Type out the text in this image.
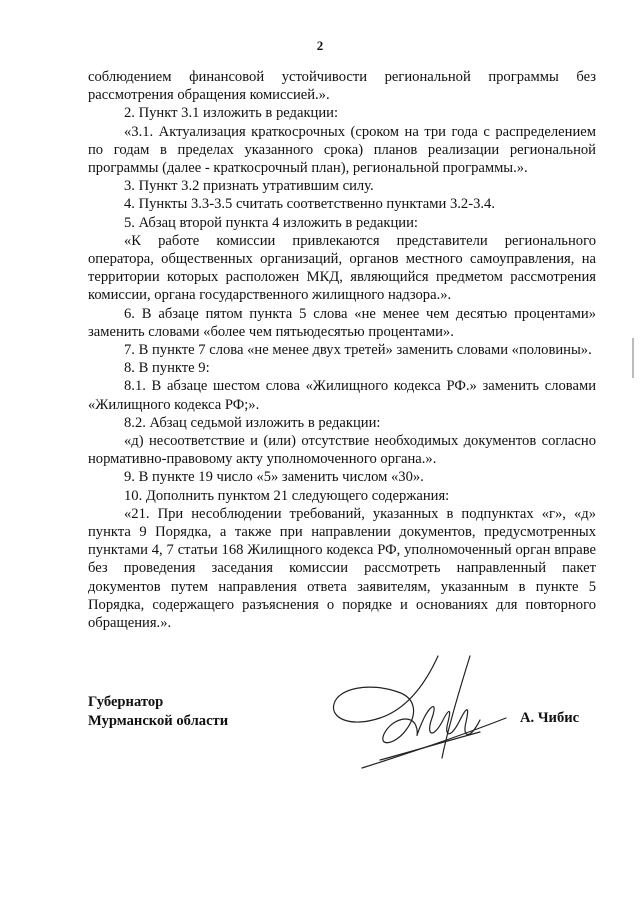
2

соблюдением финансовой устойчивости региональной программы без рассмотрения обращения комиссией.».

2. Пункт 3.1 изложить в редакции:

«3.1. Актуализация краткосрочных (сроком на три года с распределением по годам в пределах указанного срока) планов реализации региональной программы (далее - краткосрочный план), региональной программы.».

3. Пункт 3.2 признать утратившим силу.

4. Пункты 3.3-3.5 считать соответственно пунктами 3.2-3.4.

5. Абзац второй пункта 4 изложить в редакции:

«К работе комиссии привлекаются представители регионального оператора, общественных организаций, органов местного самоуправления, на территории которых расположен МКД, являющийся предметом рассмотрения комиссии, органа государственного жилищного надзора.».

6. В абзаце пятом пункта 5 слова «не менее чем десятью процентами» заменить словами «более чем пятьюдесятью процентами».

7. В пункте 7 слова «не менее двух третей» заменить словами «половины».

8. В пункте 9:

8.1. В абзаце шестом слова «Жилищного кодекса РФ.» заменить словами «Жилищного кодекса РФ;».

8.2. Абзац седьмой изложить в редакции:

«д) несоответствие и (или) отсутствие необходимых документов согласно нормативно-правовому акту уполномоченного органа.».

9. В пункте 19 число «5» заменить числом «30».

10. Дополнить пунктом 21 следующего содержания:

«21. При несоблюдении требований, указанных в подпунктах «г», «д» пункта 9 Порядка, а также при направлении документов, предусмотренных пунктами 4, 7 статьи 168 Жилищного кодекса РФ, уполномоченный орган вправе без проведения заседания комиссии рассмотреть направленный пакет документов путем направления ответа заявителям, указанным в пункте 5 Порядка, содержащего разъяснения о порядке и основаниях для повторного обращения.».

Губернатор
Мурманской области	А. Чибис
